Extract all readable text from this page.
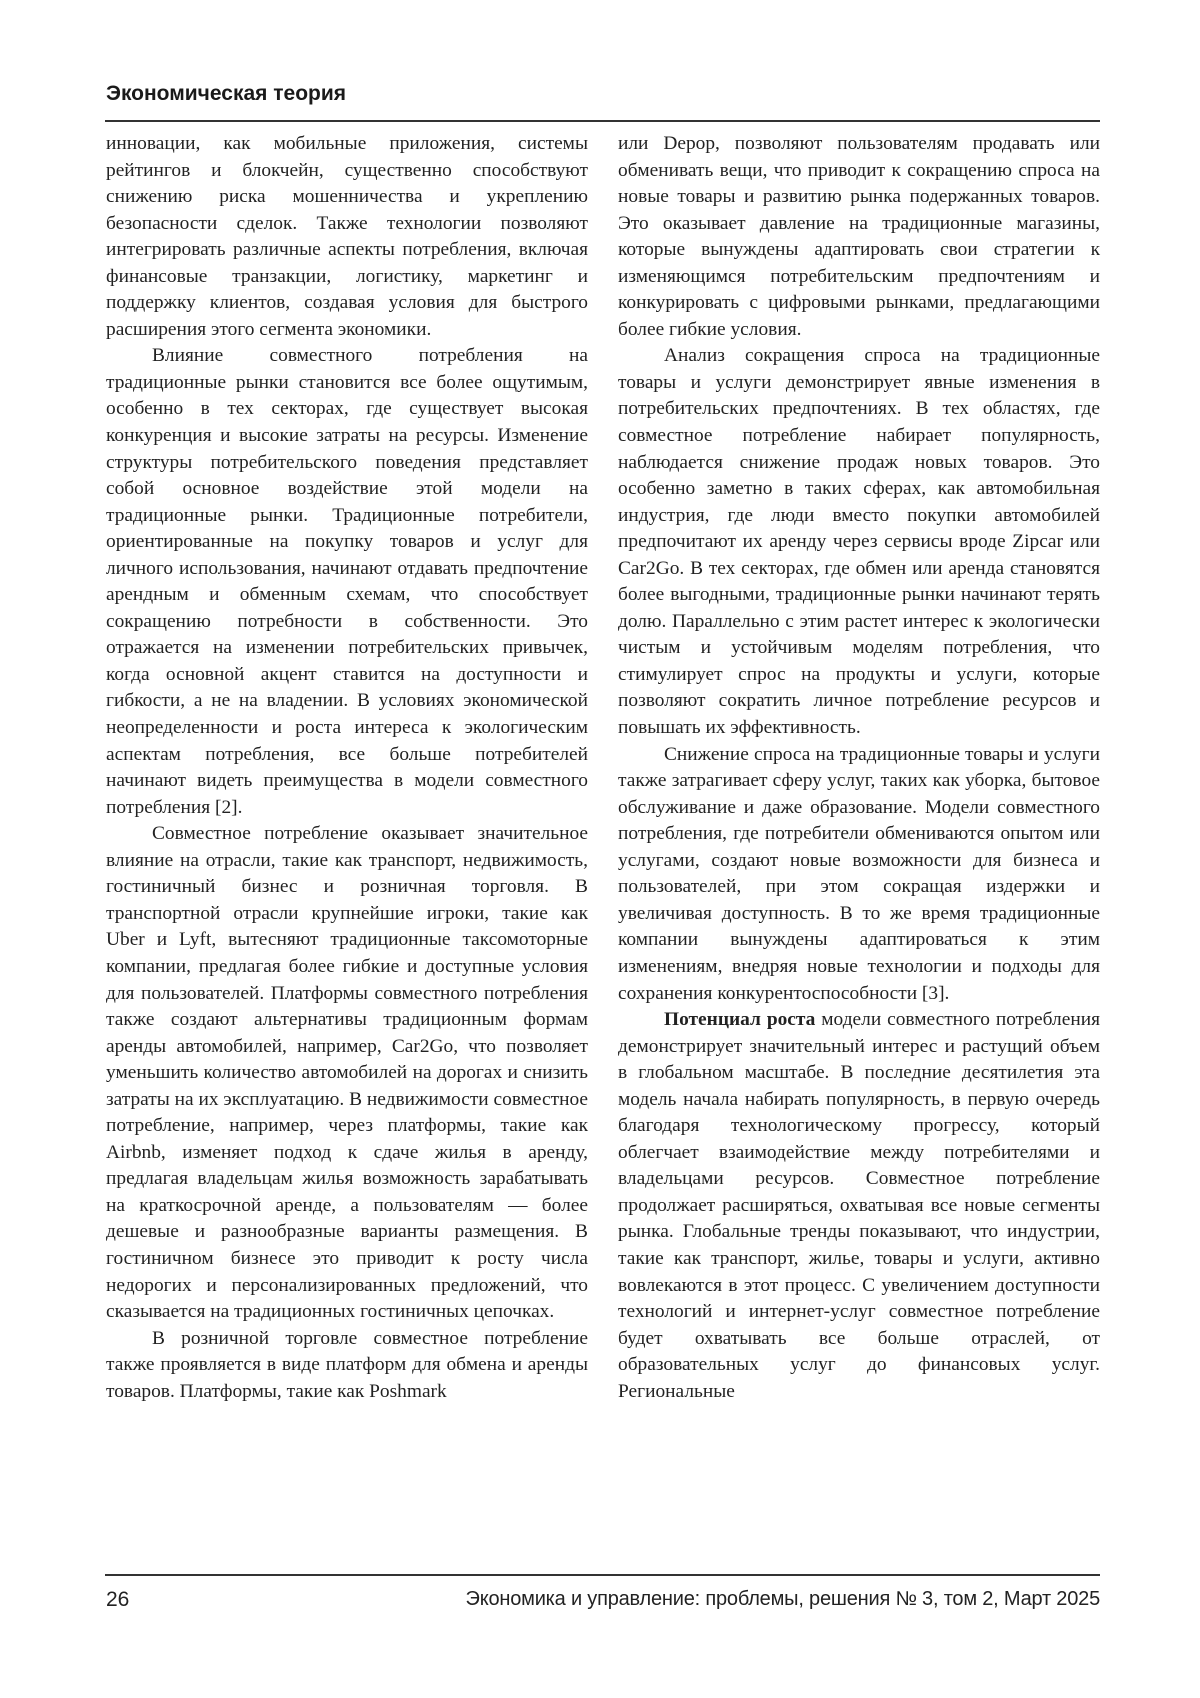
Экономическая теория

инновации, как мобильные приложения, системы рейтингов и блокчейн, существенно способствуют снижению риска мошенничества и укреплению безопасности сделок. Также технологии позволяют интегрировать различные аспекты потребления, включая финансовые транзакции, логистику, маркетинг и поддержку клиентов, создавая условия для быстрого расширения этого сегмента экономики.

Влияние совместного потребления на традиционные рынки становится все более ощутимым, особенно в тех секторах, где существует высокая конкуренция и высокие затраты на ресурсы. Изменение структуры потребительского поведения представляет собой основное воздействие этой модели на традиционные рынки. Традиционные потребители, ориентированные на покупку товаров и услуг для личного использования, начинают отдавать предпочтение арендным и обменным схемам, что способствует сокращению потребности в собственности. Это отражается на изменении потребительских привычек, когда основной акцент ставится на доступности и гибкости, а не на владении. В условиях экономической неопределенности и роста интереса к экологическим аспектам потребления, все больше потребителей начинают видеть преимущества в модели совместного потребления [2].

Совместное потребление оказывает значительное влияние на отрасли, такие как транспорт, недвижимость, гостиничный бизнес и розничная торговля. В транспортной отрасли крупнейшие игроки, такие как Uber и Lyft, вытесняют традиционные таксомоторные компании, предлагая более гибкие и доступные условия для пользователей. Платформы совместного потребления также создают альтернативы традиционным формам аренды автомобилей, например, Car2Go, что позволяет уменьшить количество автомобилей на дорогах и снизить затраты на их эксплуатацию. В недвижимости совместное потребление, например, через платформы, такие как Airbnb, изменяет подход к сдаче жилья в аренду, предлагая владельцам жилья возможность зарабатывать на краткосрочной аренде, а пользователям — более дешевые и разнообразные варианты размещения. В гостиничном бизнесе это приводит к росту числа недорогих и персонализированных предложений, что сказывается на традиционных гостиничных цепочках.

В розничной торговле совместное потребление также проявляется в виде платформ для обмена и аренды товаров. Платформы, такие как Poshmark

или Depop, позволяют пользователям продавать или обменивать вещи, что приводит к сокращению спроса на новые товары и развитию рынка подержанных товаров. Это оказывает давление на традиционные магазины, которые вынуждены адаптировать свои стратегии к изменяющимся потребительским предпочтениям и конкурировать с цифровыми рынками, предлагающими более гибкие условия.

Анализ сокращения спроса на традиционные товары и услуги демонстрирует явные изменения в потребительских предпочтениях. В тех областях, где совместное потребление набирает популярность, наблюдается снижение продаж новых товаров. Это особенно заметно в таких сферах, как автомобильная индустрия, где люди вместо покупки автомобилей предпочитают их аренду через сервисы вроде Zipcar или Car2Go. В тех секторах, где обмен или аренда становятся более выгодными, традиционные рынки начинают терять долю. Параллельно с этим растет интерес к экологически чистым и устойчивым моделям потребления, что стимулирует спрос на продукты и услуги, которые позволяют сократить личное потребление ресурсов и повышать их эффективность.

Снижение спроса на традиционные товары и услуги также затрагивает сферу услуг, таких как уборка, бытовое обслуживание и даже образование. Модели совместного потребления, где потребители обмениваются опытом или услугами, создают новые возможности для бизнеса и пользователей, при этом сокращая издержки и увеличивая доступность. В то же время традиционные компании вынуждены адаптироваться к этим изменениям, внедряя новые технологии и подходы для сохранения конкурентоспособности [3].

Потенциал роста модели совместного потребления демонстрирует значительный интерес и растущий объем в глобальном масштабе. В последние десятилетия эта модель начала набирать популярность, в первую очередь благодаря технологическому прогрессу, который облегчает взаимодействие между потребителями и владельцами ресурсов. Совместное потребление продолжает расширяться, охватывая все новые сегменты рынка. Глобальные тренды показывают, что индустрии, такие как транспорт, жилье, товары и услуги, активно вовлекаются в этот процесс. С увеличением доступности технологий и интернет-услуг совместное потребление будет охватывать все больше отраслей, от образовательных услуг до финансовых услуг. Региональные

26	Экономика и управление: проблемы, решения № 3, том 2, Март 2025
